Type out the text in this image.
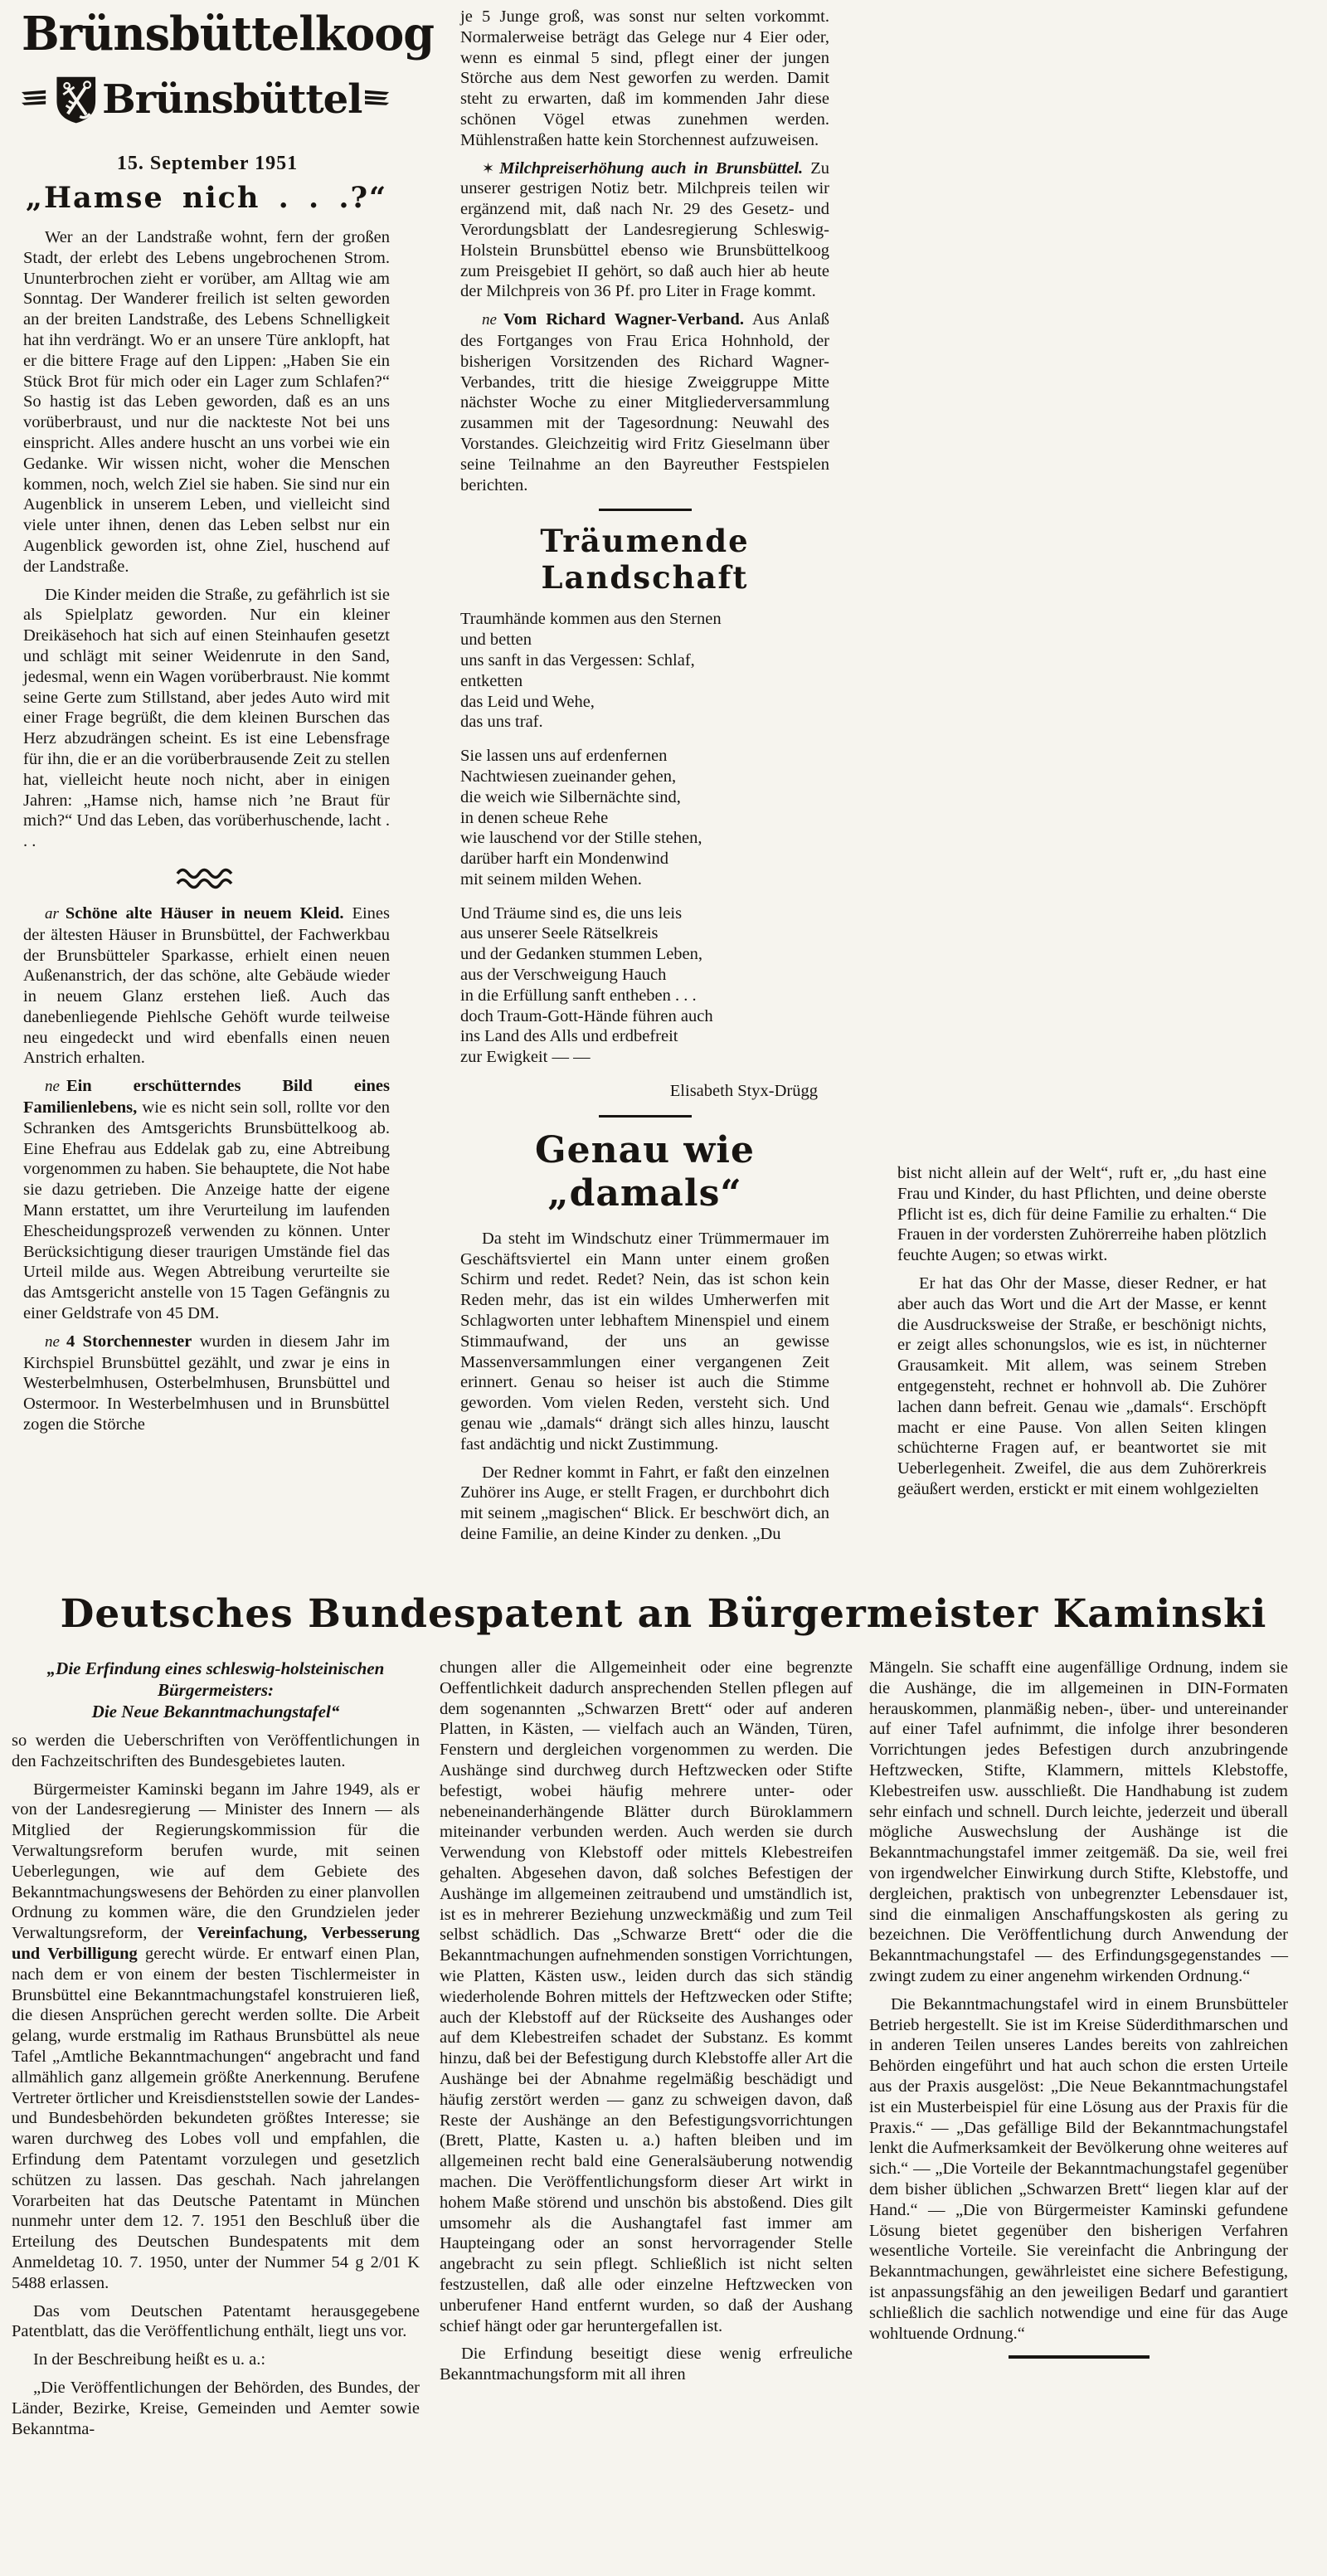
Brünsbüttelkoog
Brünsbüttel
15. September 1951
„Hamse nich . . .?“

Wer an der Landstraße wohnt, fern der großen Stadt, der erlebt des Lebens ungebrochenen Strom. Ununterbrochen zieht er vorüber, am Alltag wie am Sonntag. Der Wanderer freilich ist selten geworden an der breiten Landstraße, des Lebens Schnelligkeit hat ihn verdrängt. Wo er an unsere Türe anklopft, hat er die bittere Frage auf den Lippen: „Haben Sie ein Stück Brot für mich oder ein Lager zum Schlafen?“ So hastig ist das Leben geworden, daß es an uns vorüberbraust, und nur die nackteste Not bei uns einspricht. Alles andere huscht an uns vorbei wie ein Gedanke. Wir wissen nicht, woher die Menschen kommen, noch, welch Ziel sie haben. Sie sind nur ein Augenblick in unserem Leben, und vielleicht sind viele unter ihnen, denen das Leben selbst nur ein Augenblick geworden ist, ohne Ziel, huschend auf der Landstraße.

Die Kinder meiden die Straße, zu gefährlich ist sie als Spielplatz geworden. Nur ein kleiner Dreikäsehoch hat sich auf einen Steinhaufen gesetzt und schlägt mit seiner Weidenrute in den Sand, jedesmal, wenn ein Wagen vorüberbraust. Nie kommt seine Gerte zum Stillstand, aber jedes Auto wird mit einer Frage begrüßt, die dem kleinen Burschen das Herz abzudrängen scheint. Es ist eine Lebensfrage für ihn, die er an die vorüberbrausende Zeit zu stellen hat, vielleicht heute noch nicht, aber in einigen Jahren: „Hamse nich, hamse nich ’ne Braut für mich?“ Und das Leben, das vorüberhuschende, lacht . . .

ar Schöne alte Häuser in neuem Kleid. Eines der ältesten Häuser in Brunsbüttel, der Fachwerkbau der Brunsbütteler Sparkasse, erhielt einen neuen Außenanstrich, der das schöne, alte Gebäude wieder in neuem Glanz erstehen ließ. Auch das danebenliegende Piehlsche Gehöft wurde teilweise neu eingedeckt und wird ebenfalls einen neuen Anstrich erhalten.

ne Ein erschütterndes Bild eines Familienlebens, wie es nicht sein soll, rollte vor den Schranken des Amtsgerichts Brunsbüttelkoog ab. Eine Ehefrau aus Eddelak gab zu, eine Abtreibung vorgenommen zu haben. Sie behauptete, die Not habe sie dazu getrieben. Die Anzeige hatte der eigene Mann erstattet, um ihre Verurteilung im laufenden Ehescheidungsprozeß verwenden zu können. Unter Berücksichtigung dieser traurigen Umstände fiel das Urteil milde aus. Wegen Abtreibung verurteilte sie das Amtsgericht anstelle von 15 Tagen Gefängnis zu einer Geldstrafe von 45 DM.

ne 4 Storchennester wurden in diesem Jahr im Kirchspiel Brunsbüttel gezählt, und zwar je eins in Westerbelmhusen, Osterbelmhusen, Brunsbüttel und Ostermoor. In Westerbelmhusen und in Brunsbüttel zogen die Störche

je 5 Junge groß, was sonst nur selten vorkommt. Normalerweise beträgt das Gelege nur 4 Eier oder, wenn es einmal 5 sind, pflegt einer der jungen Störche aus dem Nest geworfen zu werden. Damit steht zu erwarten, daß im kommenden Jahr diese schönen Vögel etwas zunehmen werden. Mühlenstraßen hatte kein Storchennest aufzuweisen.

✶ Milchpreiserhöhung auch in Brunsbüttel. Zu unserer gestrigen Notiz betr. Milchpreis teilen wir ergänzend mit, daß nach Nr. 29 des Gesetz- und Verordungsblatt der Landesregierung Schleswig-Holstein Brunsbüttel ebenso wie Brunsbüttelkoog zum Preisgebiet II gehört, so daß auch hier ab heute der Milchpreis von 36 Pf. pro Liter in Frage kommt.

ne Vom Richard Wagner-Verband. Aus Anlaß des Fortganges von Frau Erica Hohnhold, der bisherigen Vorsitzenden des Richard Wagner-Verbandes, tritt die hiesige Zweiggruppe Mitte nächster Woche zu einer Mitgliederversammlung zusammen mit der Tagesordnung: Neuwahl des Vorstandes. Gleichzeitig wird Fritz Gieselmann über seine Teilnahme an den Bayreuther Festspielen berichten.

Träumende Landschaft

Traumhände kommen aus den Sternen
und betten
uns sanft in das Vergessen: Schlaf,
entketten
das Leid und Wehe,
das uns traf.

Sie lassen uns auf erdenfernen
Nachtwiesen zueinander gehen,
die weich wie Silbernächte sind,
in denen scheue Rehe
wie lauschend vor der Stille stehen,
darüber harft ein Mondenwind
mit seinem milden Wehen.

Und Träume sind es, die uns leis
aus unserer Seele Rätselkreis
und der Gedanken stummen Leben,
aus der Verschweigung Hauch
in die Erfüllung sanft entheben . . .
doch Traum-Gott-Hände führen auch
ins Land des Alls und erdbefreit
zur Ewigkeit — —

Elisabeth Styx-Drügg
Genau wie „damals“

Da steht im Windschutz einer Trümmermauer im Geschäftsviertel ein Mann unter einem großen Schirm und redet. Redet? Nein, das ist schon kein Reden mehr, das ist ein wildes Umherwerfen mit Schlagworten unter lebhaftem Minenspiel und einem Stimmaufwand, der uns an gewisse Massenversammlungen einer vergangenen Zeit erinnert. Genau so heiser ist auch die Stimme geworden. Vom vielen Reden, versteht sich. Und genau wie „damals“ drängt sich alles hinzu, lauscht fast andächtig und nickt Zustimmung.

Der Redner kommt in Fahrt, er faßt den einzelnen Zuhörer ins Auge, er stellt Fragen, er durchbohrt dich mit seinem „magischen“ Blick. Er beschwört dich, an deine Familie, an deine Kinder zu denken. „Du

bist nicht allein auf der Welt“, ruft er, „du hast eine Frau und Kinder, du hast Pflichten, und deine oberste Pflicht ist es, dich für deine Familie zu erhalten.“ Die Frauen in der vordersten Zuhörerreihe haben plötzlich feuchte Augen; so etwas wirkt.

Er hat das Ohr der Masse, dieser Redner, er hat aber auch das Wort und die Art der Masse, er kennt die Ausdrucksweise der Straße, er beschönigt nichts, er zeigt alles schonungslos, wie es ist, in nüchterner Grausamkeit. Mit allem, was seinem Streben entgegensteht, rechnet er hohnvoll ab. Die Zuhörer lachen dann befreit. Genau wie „damals“. Erschöpft macht er eine Pause. Von allen Seiten klingen schüchterne Fragen auf, er beantwortet sie mit Ueberlegenheit. Zweifel, die aus dem Zuhörerkreis geäußert werden, erstickt er mit einem wohlgezielten

Deutsches Bundespatent an Bürgermeister Kaminski

„Die Erfindung eines schleswig-holsteinischen
Bürgermeisters:
Die Neue Bekanntmachungstafel“

so werden die Ueberschriften von Veröffentlichungen in den Fachzeitschriften des Bundesgebietes lauten.

Bürgermeister Kaminski begann im Jahre 1949, als er von der Landesregierung — Minister des Innern — als Mitglied der Regierungskommission für die Verwaltungsreform berufen wurde, mit seinen Ueberlegungen, wie auf dem Gebiete des Bekanntmachungswesens der Behörden zu einer planvollen Ordnung zu kommen wäre, die den Grundzielen jeder Verwaltungsreform, der Vereinfachung, Verbesserung und Verbilligung gerecht würde. Er entwarf einen Plan, nach dem er von einem der besten Tischlermeister in Brunsbüttel eine Bekanntmachungstafel konstruieren ließ, die diesen Ansprüchen gerecht werden sollte. Die Arbeit gelang, wurde erstmalig im Rathaus Brunsbüttel als neue Tafel „Amtliche Bekanntmachungen“ angebracht und fand allmählich ganz allgemein größte Anerkennung. Berufene Vertreter örtlicher und Kreisdienststellen sowie der Landes- und Bundesbehörden bekundeten größtes Interesse; sie waren durchweg des Lobes voll und empfahlen, die Erfindung dem Patentamt vorzulegen und gesetzlich schützen zu lassen. Das geschah. Nach jahrelangen Vorarbeiten hat das Deutsche Patentamt in München nunmehr unter dem 12. 7. 1951 den Beschluß über die Erteilung des Deutschen Bundespatents mit dem Anmeldetag 10. 7. 1950, unter der Nummer 54 g 2/01 K 5488 erlassen.

Das vom Deutschen Patentamt herausgegebene Patentblatt, das die Veröffentlichung enthält, liegt uns vor.

In der Beschreibung heißt es u. a.:

„Die Veröffentlichungen der Behörden, des Bundes, der Länder, Bezirke, Kreise, Gemeinden und Aemter sowie Bekanntma-

chungen aller die Allgemeinheit oder eine begrenzte Oeffentlichkeit dadurch ansprechenden Stellen pflegen auf dem sogenannten „Schwarzen Brett“ oder auf anderen Platten, in Kästen, — vielfach auch an Wänden, Türen, Fenstern und dergleichen vorgenommen zu werden. Die Aushänge sind durchweg durch Heftzwecken oder Stifte befestigt, wobei häufig mehrere unter- oder nebeneinanderhängende Blätter durch Büroklammern miteinander verbunden werden. Auch werden sie durch Verwendung von Klebstoff oder mittels Klebestreifen gehalten. Abgesehen davon, daß solches Befestigen der Aushänge im allgemeinen zeitraubend und umständlich ist, ist es in mehrerer Beziehung unzweckmäßig und zum Teil selbst schädlich. Das „Schwarze Brett“ oder die die Bekanntmachungen aufnehmenden sonstigen Vorrichtungen, wie Platten, Kästen usw., leiden durch das sich ständig wiederholende Bohren mittels der Heftzwecken oder Stifte; auch der Klebstoff auf der Rückseite des Aushanges oder auf dem Klebestreifen schadet der Substanz. Es kommt hinzu, daß bei der Befestigung durch Klebstoffe aller Art die Aushänge bei der Abnahme regelmäßig beschädigt und häufig zerstört werden — ganz zu schweigen davon, daß Reste der Aushänge an den Befestigungsvorrichtungen (Brett, Platte, Kasten u. a.) haften bleiben und im allgemeinen recht bald eine Generalsäuberung notwendig machen. Die Veröffentlichungsform dieser Art wirkt in hohem Maße störend und unschön bis abstoßend. Dies gilt umsomehr als die Aushangtafel fast immer am Haupteingang oder an sonst hervorragender Stelle angebracht zu sein pflegt. Schließlich ist nicht selten festzustellen, daß alle oder einzelne Heftzwecken von unberufener Hand entfernt wurden, so daß der Aushang schief hängt oder gar heruntergefallen ist.

Die Erfindung beseitigt diese wenig erfreuliche Bekanntmachungsform mit all ihren

Mängeln. Sie schafft eine augenfällige Ordnung, indem sie die Aushänge, die im allgemeinen in DIN-Formaten herauskommen, planmäßig neben-, über- und untereinander auf einer Tafel aufnimmt, die infolge ihrer besonderen Vorrichtungen jedes Befestigen durch anzubringende Heftzwecken, Stifte, Klammern, mittels Klebstoffe, Klebestreifen usw. ausschließt. Die Handhabung ist zudem sehr einfach und schnell. Durch leichte, jederzeit und überall mögliche Auswechslung der Aushänge ist die Bekanntmachungstafel immer zeitgemäß. Da sie, weil frei von irgendwelcher Einwirkung durch Stifte, Klebstoffe, und dergleichen, praktisch von unbegrenzter Lebensdauer ist, sind die einmaligen Anschaffungskosten als gering zu bezeichnen. Die Veröffentlichung durch Anwendung der Bekanntmachungstafel — des Erfindungsgegenstandes — zwingt zudem zu einer angenehm wirkenden Ordnung.“

Die Bekanntmachungstafel wird in einem Brunsbütteler Betrieb hergestellt. Sie ist im Kreise Süderdithmarschen und in anderen Teilen unseres Landes bereits von zahlreichen Behörden eingeführt und hat auch schon die ersten Urteile aus der Praxis ausgelöst: „Die Neue Bekanntmachungstafel ist ein Musterbeispiel für eine Lösung aus der Praxis für die Praxis.“ — „Das gefällige Bild der Bekanntmachungstafel lenkt die Aufmerksamkeit der Bevölkerung ohne weiteres auf sich.“ — „Die Vorteile der Bekanntmachungstafel gegenüber dem bisher üblichen „Schwarzen Brett“ liegen klar auf der Hand.“ — „Die von Bürgermeister Kaminski gefundene Lösung bietet gegenüber den bisherigen Verfahren wesentliche Vorteile. Sie vereinfacht die Anbringung der Bekanntmachungen, gewährleistet eine sichere Befestigung, ist anpassungsfähig an den jeweiligen Bedarf und garantiert schließlich die sachlich notwendige und eine für das Auge wohltuende Ordnung.“
